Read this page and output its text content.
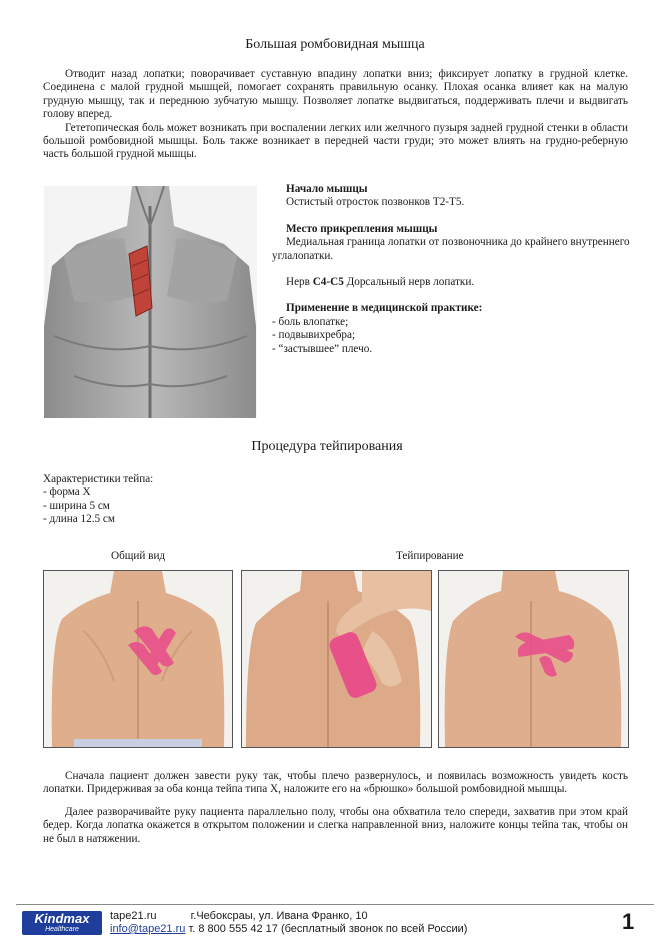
Большая ромбовидная мышца

Отводит назад лопатки; поворачивает суставную впадину лопатки вниз; фиксирует лопатку в грудной клетке. Соединена с малой грудной мышцей, помогает сохранять правильную осанку. Плохая осанка влияет как на малую грудную мышцу, так и переднюю зубчатую мышцу. Позволяет лопатке выдвигаться, поддерживать плечи и выдвигать голову вперед.

Гететопическая боль может возникать при воспалении легких или желчного пузыря задней грудной стенки в области большой ромбовидной мышцы. Боль также возникает в передней части груди; это может влиять на грудно-реберную часть большой грудной мышцы.

Начало мышцы
Остистый отросток позвонков Т2-Т5.
Место прикрепления мышцы
Медиальная граница лопатки от позвоночника до крайнего внутреннего углалопатки.
Нерв С4-С5 Дорсальный нерв лопатки.
Применение в медицинской практике:
- боль влопатке;
- подвывихребра;
- “застывшее” плечо.
Процедура тейпирования
Характеристики тейпа:
- форма Х
- ширина 5 см
- длина 12.5 см
Общий вид	Тейпирование

Сначала пациент должен завести руку так, чтобы плечо развернулось, и появилась возможность увидеть кость лопатки. Придерживая за оба конца тейпа типа Х, наложите его на «брюшко» большой ромбовидной мышцы.

Далее разворачивайте руку пациента параллельно полу, чтобы она обхватила тело спереди, захватив при этом край бедер. Когда лопатка окажется в открытом положении и слегка направленной вниз, наложите концы тейпа так, чтобы он не был в натяжении.

Kindmax
Healthcare
tape21.ru	г.Чебоксраы, ул. Ивана Франко, 10
info@tape21.ru т. 8 800 555 42 17 (бесплатный звонок по всей России)	1
